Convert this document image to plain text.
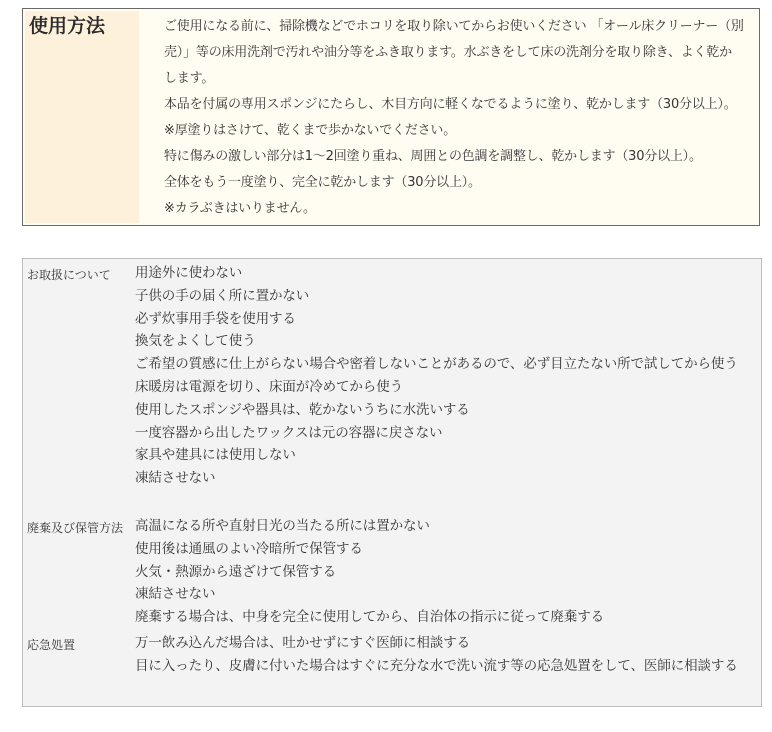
使用方法	ご使用になる前に、掃除機などでホコリを取り除いてからお使いください 「オール床クリーナー（別
売）」等の床用洗剤で汚れや油分等をふき取ります。水ぶきをして床の洗剤分を取り除き、よく乾か
します。
本品を付属の専用スポンジにたらし、木目方向に軽くなでるように塗り、乾かします（30分以上）。
※厚塗りはさけて、乾くまで歩かないでください。
特に傷みの激しい部分は1〜2回塗り重ね、周囲との色調を調整し、乾かします（30分以上）。
全体をもう一度塗り、完全に乾かします（30分以上）。
※カラぶきはいりません。
お取扱について 用途外に使わない
子供の手の届く所に置かない
必ず炊事用手袋を使用する
換気をよくして使う
ご希望の質感に仕上がらない場合や密着しないことがあるので、必ず目立たない所で試してから使う
床暖房は電源を切り、床面が冷めてから使う
使用したスポンジや器具は、乾かないうちに水洗いする
一度容器から出したワックスは元の容器に戻さない
家具や建具には使用しない
凍結させない
廃棄及び保管方法 高温になる所や直射日光の当たる所には置かない
使用後は通風のよい冷暗所で保管する
火気・熱源から遠ざけて保管する
凍結させない
廃棄する場合は、中身を完全に使用してから、自治体の指示に従って廃棄する
応急処置	万一飲み込んだ場合は、吐かせずにすぐ医師に相談する
目に入ったり、皮膚に付いた場合はすぐに充分な水で洗い流す等の応急処置をして、医師に相談する
